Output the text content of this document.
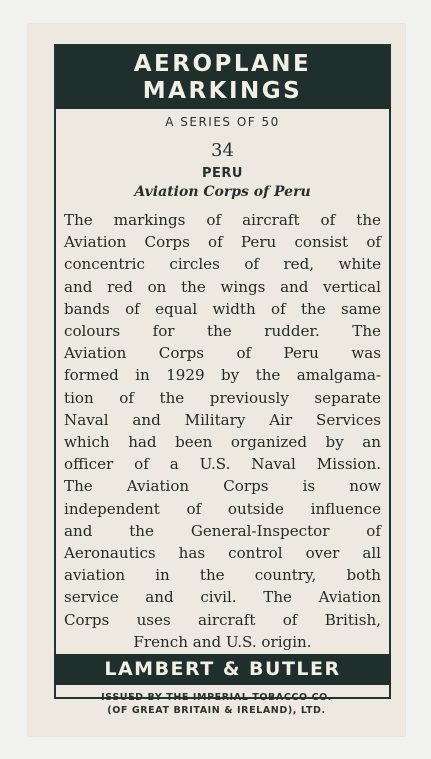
AEROPLANE
MARKINGS
A SERIES OF 50
34
PERU
Aviation Corps of Peru
The markings of aircraft of the
Aviation Corps of Peru consist of
concentric circles of red, white
and red on the wings and vertical
bands of equal width of the same
colours for the rudder. The
Aviation Corps of Peru was
formed in 1929 by the amalgama-
tion of the previously separate
Naval and Military Air Services
which had been organized by an
officer of a U.S. Naval Mission.
The Aviation Corps is now
independent of outside influence
and the General-Inspector of
Aeronautics has control over all
aviation in the country, both
service and civil. The Aviation
Corps uses aircraft of British,
French and U.S. origin.
LAMBERT & BUTLER
ISSUED BY THE IMPERIAL TOBACCO CO.
(OF GREAT BRITAIN & IRELAND), LTD.
